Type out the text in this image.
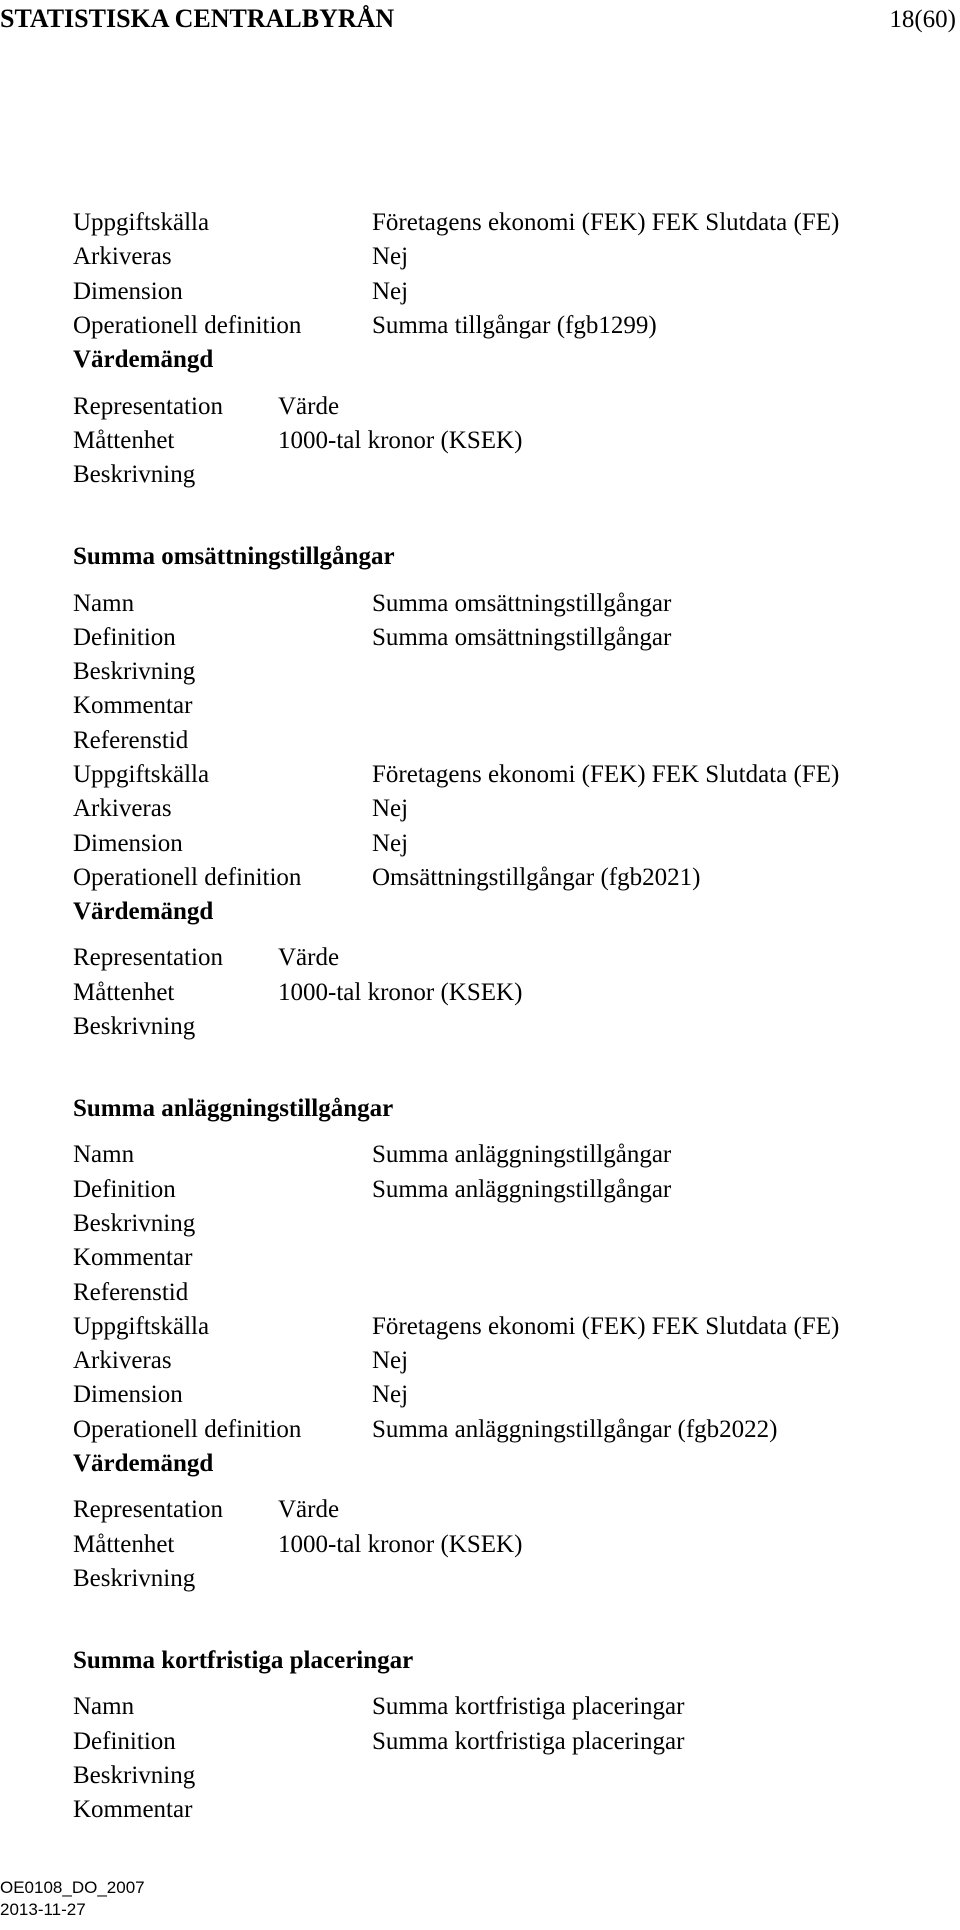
STATISTISKA CENTRALBYRÅN	18(60)
Uppgiftskälla	Företagens ekonomi (FEK) FEK Slutdata (FE)
Arkiveras	Nej
Dimension	Nej
Operationell definition	Summa tillgångar (fgb1299)
Värdemängd
Representation	Värde
Måttenhet	1000-tal kronor (KSEK)
Beskrivning
Summa omsättningstillgångar
Namn	Summa omsättningstillgångar
Definition	Summa omsättningstillgångar
Beskrivning
Kommentar
Referenstid
Uppgiftskälla	Företagens ekonomi (FEK) FEK Slutdata (FE)
Arkiveras	Nej
Dimension	Nej
Operationell definition	Omsättningstillgångar (fgb2021)
Värdemängd
Representation	Värde
Måttenhet	1000-tal kronor (KSEK)
Beskrivning
Summa anläggningstillgångar
Namn	Summa anläggningstillgångar
Definition	Summa anläggningstillgångar
Beskrivning
Kommentar
Referenstid
Uppgiftskälla	Företagens ekonomi (FEK) FEK Slutdata (FE)
Arkiveras	Nej
Dimension	Nej
Operationell definition	Summa anläggningstillgångar (fgb2022)
Värdemängd
Representation	Värde
Måttenhet	1000-tal kronor (KSEK)
Beskrivning
Summa kortfristiga placeringar
Namn	Summa kortfristiga placeringar
Definition	Summa kortfristiga placeringar
Beskrivning
Kommentar
OE0108_DO_2007
2013-11-27
